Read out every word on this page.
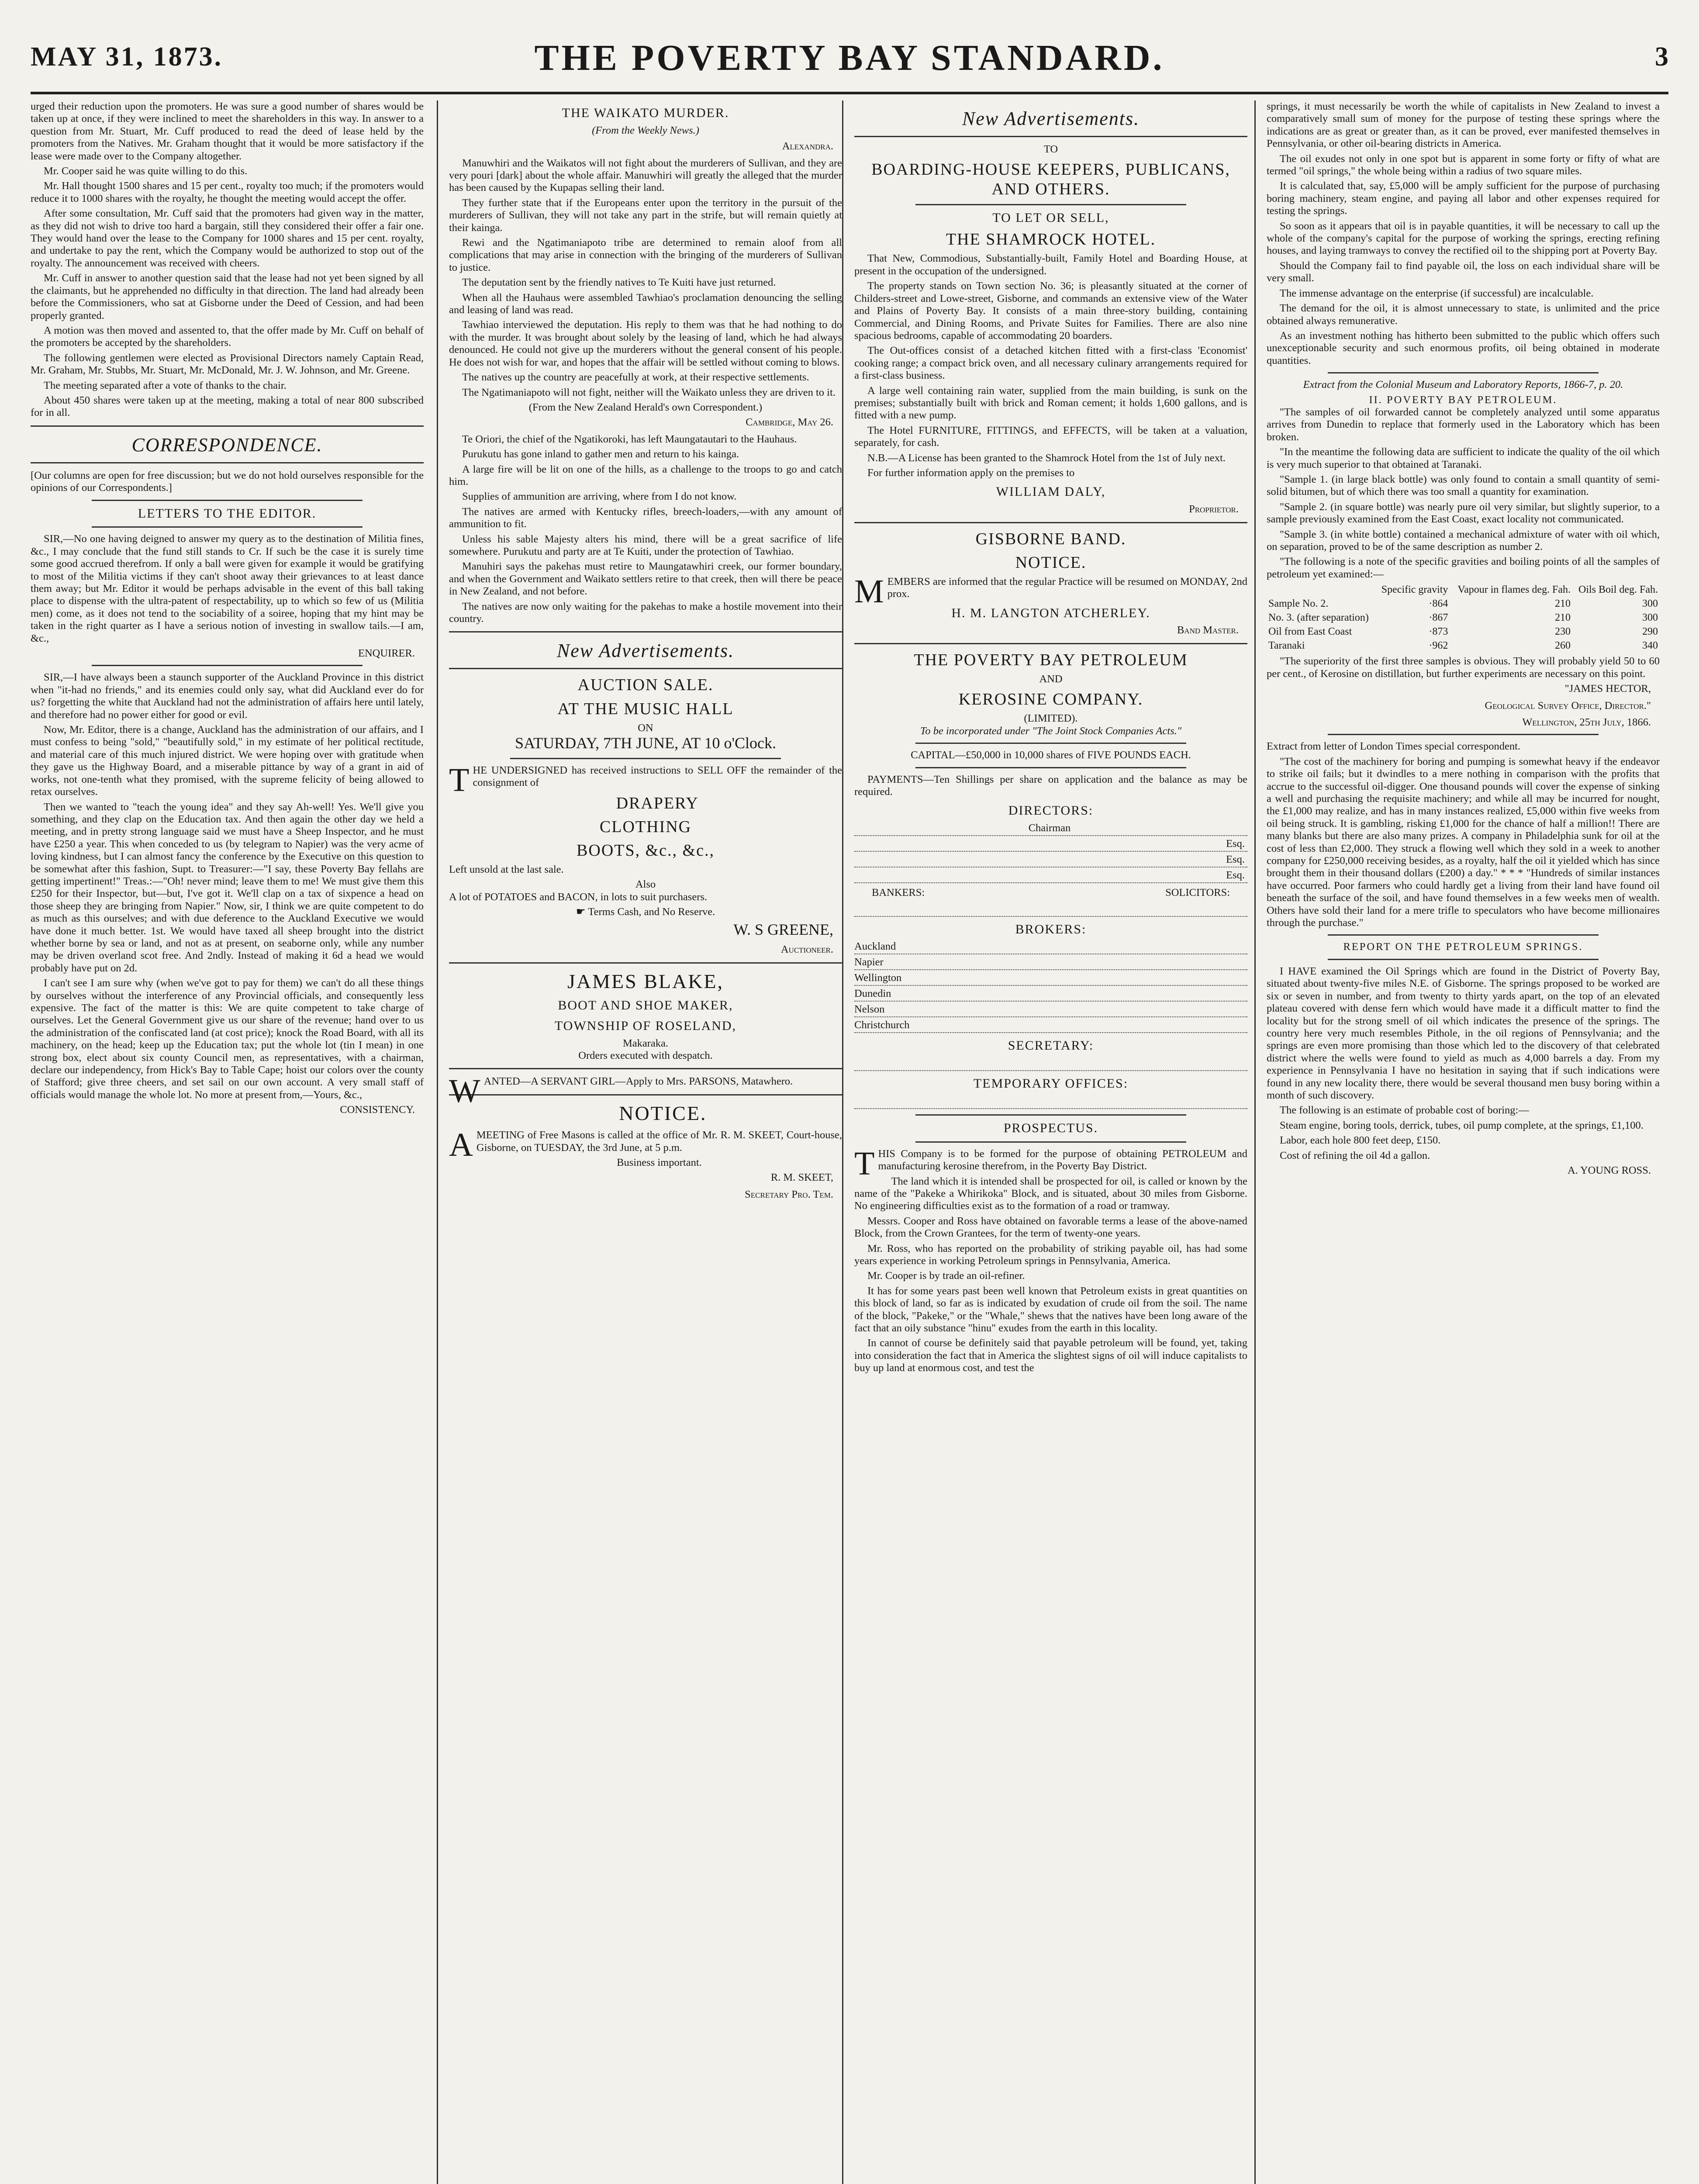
MAY 31, 1873.	THE POVERTY BAY STANDARD.	3

urged their reduction upon the promoters. He was sure a good number of shares would be taken up at once, if they were inclined to meet the shareholders in this way. In answer to a question from Mr. Stuart, Mr. Cuff produced to read the deed of lease held by the promoters from the Natives. Mr. Graham thought that it would be more satisfactory if the lease were made over to the Company altogether.

Mr. Cooper said he was quite willing to do this.

Mr. Hall thought 1500 shares and 15 per cent., royalty too much; if the promoters would reduce it to 1000 shares with the royalty, he thought the meeting would accept the offer.

After some consultation, Mr. Cuff said that the promoters had given way in the matter, as they did not wish to drive too hard a bargain, still they considered their offer a fair one. They would hand over the lease to the Company for 1000 shares and 15 per cent. royalty, and undertake to pay the rent, which the Company would be authorized to stop out of the royalty. The announcement was received with cheers.

Mr. Cuff in answer to another question said that the lease had not yet been signed by all the claimants, but he apprehended no difficulty in that direction. The land had already been before the Commissioners, who sat at Gisborne under the Deed of Cession, and had been properly granted.

A motion was then moved and assented to, that the offer made by Mr. Cuff on behalf of the promoters be accepted by the shareholders.

The following gentlemen were elected as Provisional Directors namely Captain Read, Mr. Graham, Mr. Stubbs, Mr. Stuart, Mr. McDonald, Mr. J. W. Johnson, and Mr. Greene.

The meeting separated after a vote of thanks to the chair.

About 450 shares were taken up at the meeting, making a total of near 800 subscribed for in all.

CORRESPONDENCE.

[Our columns are open for free discussion; but we do not hold ourselves responsible for the opinions of our Correspondents.]

LETTERS TO THE EDITOR.

SIR,—No one having deigned to answer my query as to the destination of Militia fines, &c., I may conclude that the fund still stands to Cr. If such be the case it is surely time some good accrued therefrom. If only a ball were given for example it would be gratifying to most of the Militia victims if they can't shoot away their grievances to at least dance them away; but Mr. Editor it would be perhaps advisable in the event of this ball taking place to dispense with the ultra-patent of respectability, up to which so few of us (Militia men) come, as it does not tend to the sociability of a soiree, hoping that my hint may be taken in the right quarter as I have a serious notion of investing in swallow tails.—I am, &c.,

ENQUIRER.

SIR,—I have always been a staunch supporter of the Auckland Province in this district when "it-had no friends," and its enemies could only say, what did Auckland ever do for us? forgetting the white that Auckland had not the administration of affairs here until lately, and therefore had no power either for good or evil.

Now, Mr. Editor, there is a change, Auckland has the administration of our affairs, and I must confess to being "sold," "beautifully sold," in my estimate of her political rectitude, and material care of this much injured district. We were hoping over with gratitude when they gave us the Highway Board, and a miserable pittance by way of a grant in aid of works, not one-tenth what they promised, with the supreme felicity of being allowed to retax ourselves.

Then we wanted to "teach the young idea" and they say Ah-well! Yes. We'll give you something, and they clap on the Education tax. And then again the other day we held a meeting, and in pretty strong language said we must have a Sheep Inspector, and he must have £250 a year. This when conceded to us (by telegram to Napier) was the very acme of loving kindness, but I can almost fancy the conference by the Executive on this question to be somewhat after this fashion, Supt. to Treasurer:—"I say, these Poverty Bay fellahs are getting impertinent!" Treas.:—"Oh! never mind; leave them to me! We must give them this £250 for their Inspector, but—but, I've got it. We'll clap on a tax of sixpence a head on those sheep they are bringing from Napier." Now, sir, I think we are quite competent to do as much as this ourselves; and with due deference to the Auckland Executive we would have done it much better. 1st. We would have taxed all sheep brought into the district whether borne by sea or land, and not as at present, on seaborne only, while any number may be driven overland scot free. And 2ndly. Instead of making it 6d a head we would probably have put on 2d.

I can't see I am sure why (when we've got to pay for them) we can't do all these things by ourselves without the interference of any Provincial officials, and consequently less expensive. The fact of the matter is this: We are quite competent to take charge of ourselves. Let the General Government give us our share of the revenue; hand over to us the administration of the confiscated land (at cost price); knock the Road Board, with all its machinery, on the head; keep up the Education tax; put the whole lot (tin I mean) in one strong box, elect about six county Council men, as representatives, with a chairman, declare our independency, from Hick's Bay to Table Cape; hoist our colors over the county of Stafford; give three cheers, and set sail on our own account. A very small staff of officials would manage the whole lot. No more at present from,—Yours, &c.,

CONSISTENCY.
THE WAIKATO MURDER.
(From the Weekly News.)
Alexandra.

Manuwhiri and the Waikatos will not fight about the murderers of Sullivan, and they are very pouri [dark] about the whole affair. Manuwhiri will greatly the alleged that the murder has been caused by the Kupapas selling their land.

They further state that if the Europeans enter upon the territory in the pursuit of the murderers of Sullivan, they will not take any part in the strife, but will remain quietly at their kainga.

Rewi and the Ngatimaniapoto tribe are determined to remain aloof from all complications that may arise in connection with the bringing of the murderers of Sullivan to justice.

The deputation sent by the friendly natives to Te Kuiti have just returned.

When all the Hauhaus were assembled Tawhiao's proclamation denouncing the selling and leasing of land was read.

Tawhiao interviewed the deputation. His reply to them was that he had nothing to do with the murder. It was brought about solely by the leasing of land, which he had always denounced. He could not give up the murderers without the general consent of his people. He does not wish for war, and hopes that the affair will be settled without coming to blows.

The natives up the country are peacefully at work, at their respective settlements.

The Ngatimaniapoto will not fight, neither will the Waikato unless they are driven to it.

(From the New Zealand Herald's own Correspondent.)

Cambridge, May 26.

Te Oriori, the chief of the Ngatikoroki, has left Maungatautari to the Hauhaus.

Purukutu has gone inland to gather men and return to his kainga.

A large fire will be lit on one of the hills, as a challenge to the troops to go and catch him.

Supplies of ammunition are arriving, where from I do not know.

The natives are armed with Kentucky rifles, breech-loaders,—with any amount of ammunition to fit.

Unless his sable Majesty alters his mind, there will be a great sacrifice of life somewhere. Purukutu and party are at Te Kuiti, under the protection of Tawhiao.

Manuhiri says the pakehas must retire to Maungatawhiri creek, our former boundary, and when the Government and Waikato settlers retire to that creek, then will there be peace in New Zealand, and not before.

The natives are now only waiting for the pakehas to make a hostile movement into their country.

New Advertisements.
AUCTION SALE.
AT THE MUSIC HALL
ON
SATURDAY, 7TH JUNE, AT 10 o'Clock.

THE UNDERSIGNED has received instructions to SELL OFF the remainder of the consignment of

DRAPERY
CLOTHING
BOOTS, &c., &c.,

Left unsold at the last sale.

Also

A lot of POTATOES and BACON, in lots to suit purchasers.

☛ Terms Cash, and No Reserve.
W. S GREENE,
Auctioneer.
JAMES BLAKE,
BOOT AND SHOE MAKER,
TOWNSHIP OF ROSELAND,
Makaraka.
Orders executed with despatch.

WANTED—A SERVANT GIRL—Apply to Mrs. PARSONS, Matawhero.

NOTICE.

AMEETING of Free Masons is called at the office of Mr. R. M. SKEET, Court-house, Gisborne, on TUESDAY, the 3rd June, at 5 p.m.

Business important.
R. M. SKEET,
Secretary Pro. Tem.
New Advertisements.
TO
BOARDING-HOUSE KEEPERS, PUBLICANS, AND OTHERS.
TO LET OR SELL,
THE SHAMROCK HOTEL.

That New, Commodious, Substantially-built, Family Hotel and Boarding House, at present in the occupation of the undersigned.

The property stands on Town section No. 36; is pleasantly situated at the corner of Childers-street and Lowe-street, Gisborne, and commands an extensive view of the Water and Plains of Poverty Bay. It consists of a main three-story building, containing Commercial, and Dining Rooms, and Private Suites for Families. There are also nine spacious bedrooms, capable of accommodating 20 boarders.

The Out-offices consist of a detached kitchen fitted with a first-class 'Economist' cooking range; a compact brick oven, and all necessary culinary arrangements required for a first-class business.

A large well containing rain water, supplied from the main building, is sunk on the premises; substantially built with brick and Roman cement; it holds 1,600 gallons, and is fitted with a new pump.

The Hotel FURNITURE, FITTINGS, and EFFECTS, will be taken at a valuation, separately, for cash.

N.B.—A License has been granted to the Shamrock Hotel from the 1st of July next.

For further information apply on the premises to

WILLIAM DALY,
Proprietor.
GISBORNE BAND.
NOTICE.

MEMBERS are informed that the regular Practice will be resumed on MONDAY, 2nd prox.

H. M. LANGTON ATCHERLEY.
Band Master.
THE POVERTY BAY PETROLEUM
AND
KEROSINE COMPANY.
(LIMITED).
To be incorporated under "The Joint Stock Companies Acts."
CAPITAL—£50,000 in 10,000 shares of FIVE POUNDS EACH.

PAYMENTS—Ten Shillings per share on application and the balance as may be required.

DIRECTORS:
Chairman
Esq.
Esq.
Esq.
BANKERS:	SOLICITORS:
BROKERS:
Auckland
Napier
Wellington
Dunedin
Nelson
Christchurch
SECRETARY:
TEMPORARY OFFICES:
PROSPECTUS.

THIS Company is to be formed for the purpose of obtaining PETROLEUM and manufacturing kerosine therefrom, in the Poverty Bay District.

The land which it is intended shall be prospected for oil, is called or known by the name of the "Pakeke a Whirikoka" Block, and is situated, about 30 miles from Gisborne. No engineering difficulties exist as to the formation of a road or tramway.

Messrs. Cooper and Ross have obtained on favorable terms a lease of the above-named Block, from the Crown Grantees, for the term of twenty-one years.

Mr. Ross, who has reported on the probability of striking payable oil, has had some years experience in working Petroleum springs in Pennsylvania, America.

Mr. Cooper is by trade an oil-refiner.

It has for some years past been well known that Petroleum exists in great quantities on this block of land, so far as is indicated by exudation of crude oil from the soil. The name of the block, "Pakeke," or the "Whale," shews that the natives have been long aware of the fact that an oily substance "hinu" exudes from the earth in this locality.

In cannot of course be definitely said that payable petroleum will be found, yet, taking into consideration the fact that in America the slightest signs of oil will induce capitalists to buy up land at enormous cost, and test the

springs, it must necessarily be worth the while of capitalists in New Zealand to invest a comparatively small sum of money for the purpose of testing these springs where the indications are as great or greater than, as it can be proved, ever manifested themselves in Pennsylvania, or other oil-bearing districts in America.

The oil exudes not only in one spot but is apparent in some forty or fifty of what are termed "oil springs," the whole being within a radius of two square miles.

It is calculated that, say, £5,000 will be amply sufficient for the purpose of purchasing boring machinery, steam engine, and paying all labor and other expenses required for testing the springs.

So soon as it appears that oil is in payable quantities, it will be necessary to call up the whole of the company's capital for the purpose of working the springs, erecting refining houses, and laying tramways to convey the rectified oil to the shipping port at Poverty Bay.

Should the Company fail to find payable oil, the loss on each individual share will be very small.

The immense advantage on the enterprise (if successful) are incalculable.

The demand for the oil, it is almost unnecessary to state, is unlimited and the price obtained always remunerative.

As an investment nothing has hitherto been submitted to the public which offers such unexceptionable security and such enormous profits, oil being obtained in moderate quantities.

Extract from the Colonial Museum and Laboratory Reports, 1866-7, p. 20.

II. POVERTY BAY PETROLEUM.

"The samples of oil forwarded cannot be completely analyzed until some apparatus arrives from Dunedin to replace that formerly used in the Laboratory which has been broken.

"In the meantime the following data are sufficient to indicate the quality of the oil which is very much superior to that obtained at Taranaki.

"Sample 1. (in large black bottle) was only found to contain a small quantity of semi-solid bitumen, but of which there was too small a quantity for examination.

"Sample 2. (in square bottle) was nearly pure oil very similar, but slightly superior, to a sample previously examined from the East Coast, exact locality not communicated.

"Sample 3. (in white bottle) contained a mechanical admixture of water with oil which, on separation, proved to be of the same description as number 2.

"The following is a note of the specific gravities and boiling points of all the samples of petroleum yet examined:—

	Specific gravity	Vapour in flames deg. Fah.	Oils Boil deg. Fah.
Sample No. 2.	·864	210	300
No. 3. (after separation)	·867	210	300
Oil from East Coast	·873	230	290
Taranaki	·962	260	340

"The superiority of the first three samples is obvious. They will probably yield 50 to 60 per cent., of Kerosine on distillation, but further experiments are necessary on this point.

"JAMES HECTOR,
Geological Survey Office, Director."
Wellington, 25th July, 1866.

Extract from letter of London Times special correspondent.

"The cost of the machinery for boring and pumping is somewhat heavy if the endeavor to strike oil fails; but it dwindles to a mere nothing in comparison with the profits that accrue to the successful oil-digger. One thousand pounds will cover the expense of sinking a well and purchasing the requisite machinery; and while all may be incurred for nought, the £1,000 may realize, and has in many instances realized, £5,000 within five weeks from oil being struck. It is gambling, risking £1,000 for the chance of half a million!! There are many blanks but there are also many prizes. A company in Philadelphia sunk for oil at the cost of less than £2,000. They struck a flowing well which they sold in a week to another company for £250,000 receiving besides, as a royalty, half the oil it yielded which has since brought them in their thousand dollars (£200) a day." * * * "Hundreds of similar instances have occurred. Poor farmers who could hardly get a living from their land have found oil beneath the surface of the soil, and have found themselves in a few weeks men of wealth. Others have sold their land for a mere trifle to speculators who have become millionaires through the purchase."

REPORT ON THE PETROLEUM SPRINGS.

I HAVE examined the Oil Springs which are found in the District of Poverty Bay, situated about twenty-five miles N.E. of Gisborne. The springs proposed to be worked are six or seven in number, and from twenty to thirty yards apart, on the top of an elevated plateau covered with dense fern which would have made it a difficult matter to find the locality but for the strong smell of oil which indicates the presence of the springs. The country here very much resembles Pithole, in the oil regions of Pennsylvania; and the springs are even more promising than those which led to the discovery of that celebrated district where the wells were found to yield as much as 4,000 barrels a day. From my experience in Pennsylvania I have no hesitation in saying that if such indications were found in any new locality there, there would be several thousand men busy boring within a month of such discovery.

The following is an estimate of probable cost of boring:—

Steam engine, boring tools, derrick, tubes, oil pump complete, at the springs, £1,100.

Labor, each hole 800 feet deep, £150.

Cost of refining the oil 4d a gallon.

A. YOUNG ROSS.
